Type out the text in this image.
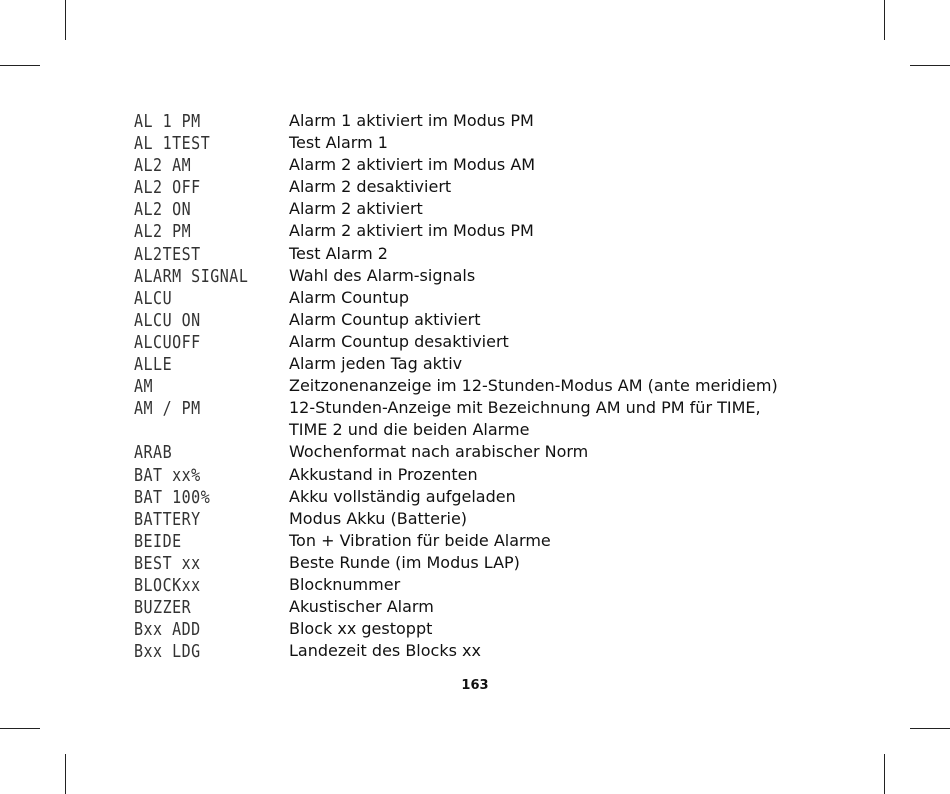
AL 1 PM	Alarm 1 aktiviert im Modus PM
AL 1TEST	Test Alarm 1
AL2 AM	Alarm 2 aktiviert im Modus AM
AL2 OFF	Alarm 2 desaktiviert
AL2 ON	Alarm 2 aktiviert
AL2 PM	Alarm 2 aktiviert im Modus PM
AL2TEST	Test Alarm 2
ALARM SIGNAL	Wahl des Alarm-signals
ALCU	Alarm Countup
ALCU ON	Alarm Countup aktiviert
ALCUOFF	Alarm Countup desaktiviert
ALLE	Alarm jeden Tag aktiv
AM	Zeitzonenanzeige im 12-Stunden-Modus AM (ante meridiem)
AM / PM	12-Stunden-Anzeige mit Bezeichnung AM und PM für TIME,
TIME 2 und die beiden Alarme
ARAB	Wochenformat nach arabischer Norm
BAT xx%	Akkustand in Prozenten
BAT 100%	Akku vollständig aufgeladen
BATTERY	Modus Akku (Batterie)
BEIDE	Ton + Vibration für beide Alarme
BEST xx	Beste Runde (im Modus LAP)
BLOCKxx	Blocknummer
BUZZER	Akustischer Alarm
Bxx ADD	Block xx gestoppt
Bxx LDG	Landezeit des Blocks xx
163
